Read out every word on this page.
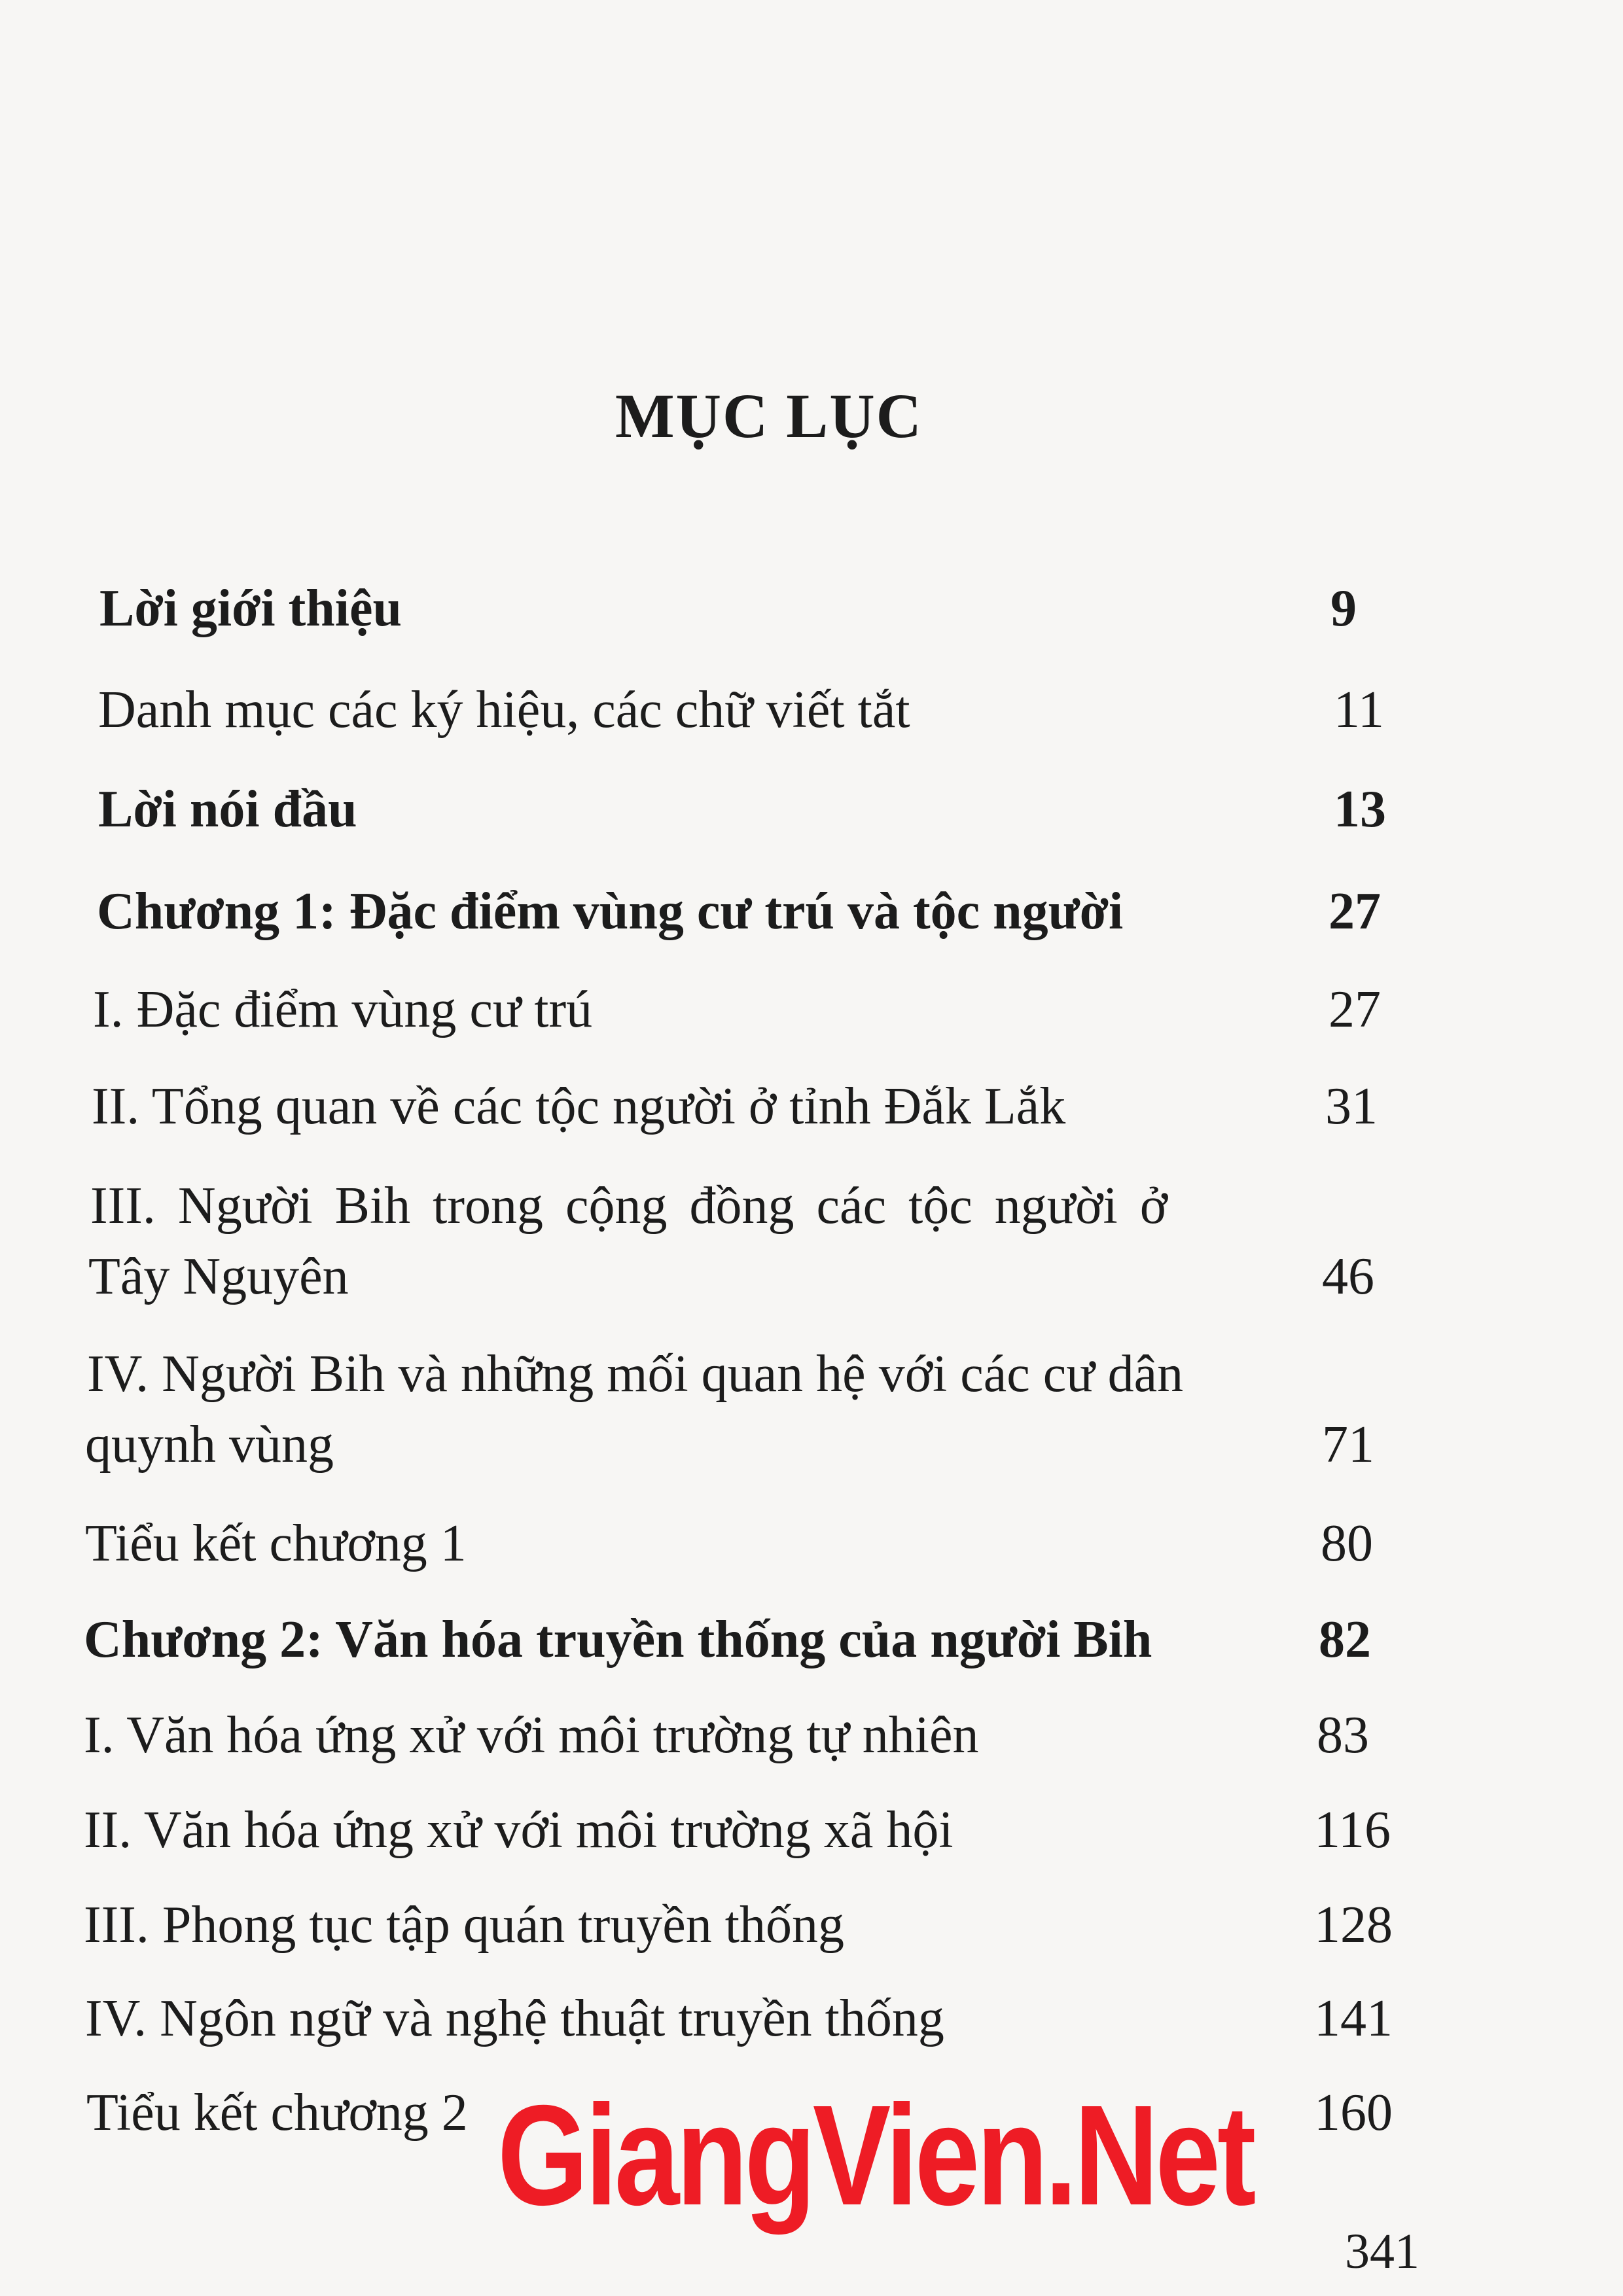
MỤC LỤC
Lời giới thiệu	9
Danh mục các ký hiệu, các chữ viết tắt	11
Lời nói đầu	13
Chương 1: Đặc điểm vùng cư trú và tộc người	27
I. Đặc điểm vùng cư trú	27
II. Tổng quan về các tộc người ở tỉnh Đắk Lắk	31
III. Người Bih trong cộng đồng các tộc người ở
Tây Nguyên	46
IV. Người Bih và những mối quan hệ với các cư dân
quynh vùng	71
Tiểu kết chương 1	80
Chương 2: Văn hóa truyền thống của người Bih	82
I. Văn hóa ứng xử với môi trường tự nhiên	83
II. Văn hóa ứng xử với môi trường xã hội	116
III. Phong tục tập quán truyền thống	128
IV. Ngôn ngữ và nghệ thuật truyền thống	141
Tiểu kết chương 2	160
GiangVien.Net
341
